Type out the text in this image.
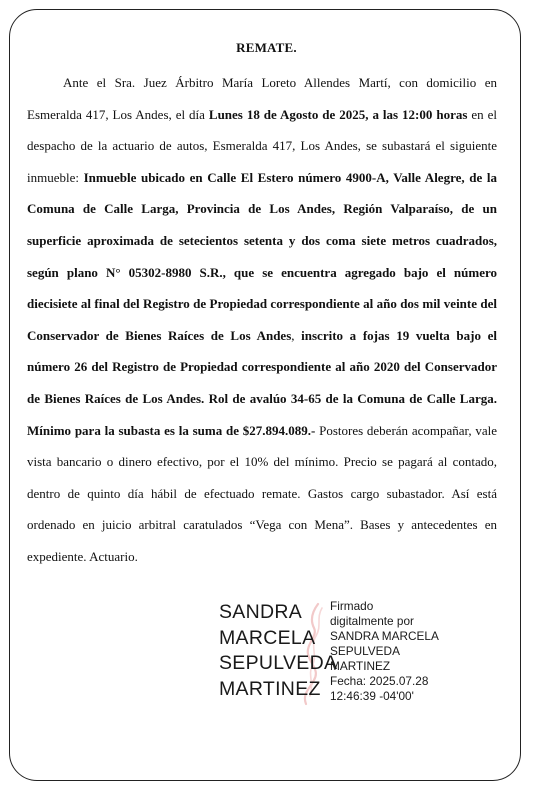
REMATE.

Ante el Sra. Juez Árbitro María Loreto Allendes Martí, con domicilio en Esmeralda 417, Los Andes, el día Lunes 18 de Agosto de 2025, a las 12:00 horas en el despacho de la actuario de autos, Esmeralda 417, Los Andes, se subastará el siguiente inmueble: Inmueble ubicado en Calle El Estero número 4900-A, Valle Alegre, de la Comuna de Calle Larga, Provincia de Los Andes, Región Valparaíso, de un superficie aproximada de setecientos setenta y dos coma siete metros cuadrados, según plano N° 05302-8980 S.R., que se encuentra agregado bajo el número diecisiete al final del Registro de Propiedad correspondiente al año dos mil veinte del Conservador de Bienes Raíces de Los Andes, inscrito a fojas 19 vuelta bajo el número 26 del Registro de Propiedad correspondiente al año 2020 del Conservador de Bienes Raíces de Los Andes. Rol de avalúo 34-65 de la Comuna de Calle Larga. Mínimo para la subasta es la suma de $27.894.089.- Postores deberán acompañar, vale vista bancario o dinero efectivo, por el 10% del mínimo. Precio se pagará al contado, dentro de quinto día hábil de efectuado remate. Gastos cargo subastador. Así está ordenado en juicio arbitral caratulados “Vega con Mena”. Bases y antecedentes en expediente. Actuario.

SANDRA
MARCELA
SEPULVEDA
MARTINEZ
Firmado
digitalmente por
SANDRA MARCELA
SEPULVEDA
MARTINEZ
Fecha: 2025.07.28
12:46:39 -04'00'
